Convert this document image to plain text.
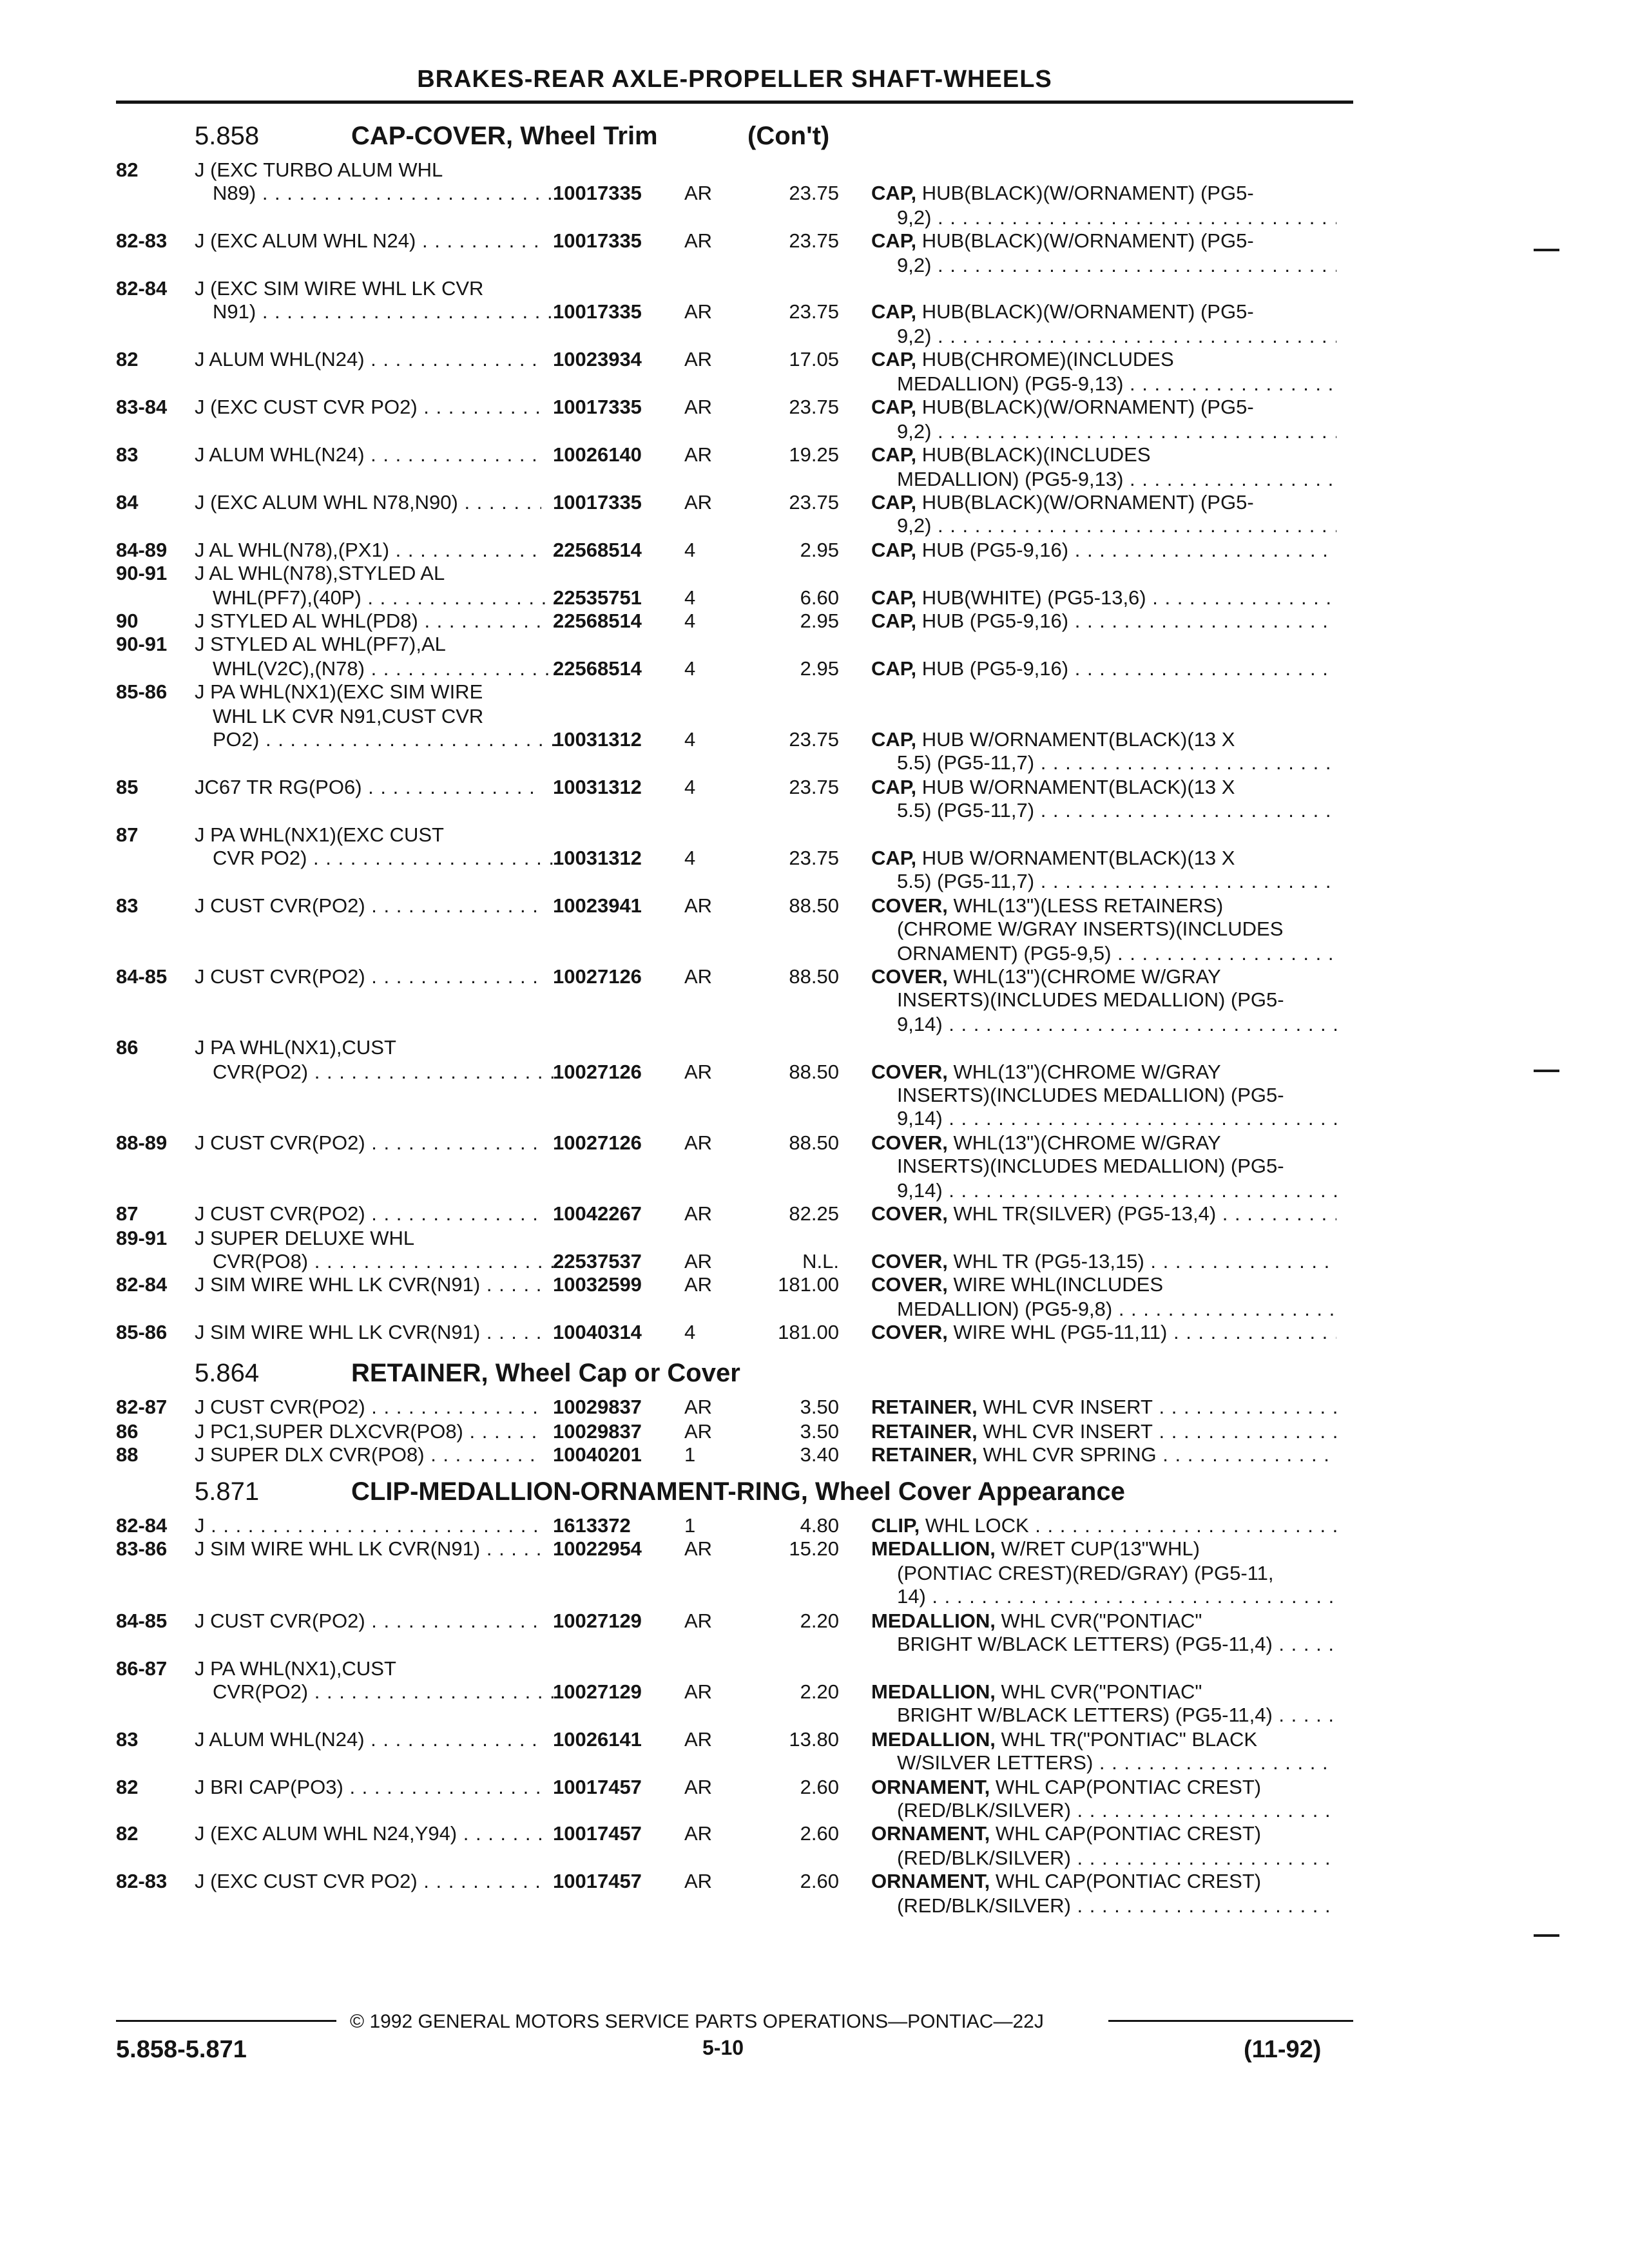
BRAKES-REAR AXLE-PROPELLER SHAFT-WHEELS
5.858	CAP-COVER, Wheel Trim	(Con't)
5.864	RETAINER, Wheel Cap or Cover
5.871	CLIP-MEDALLION-ORNAMENT-RING, Wheel Cover Appearance
82	J (EXC TURBO ALUM WHL
N89) . . .	10017335 AR	23.75 CAP, HUB(BLACK)(W/ORNAMENT) (PG5-
9,2) . . .
82-83 J (EXC ALUM WHL N24) . . .	10017335 AR	23.75 CAP, HUB(BLACK)(W/ORNAMENT) (PG5-
9,2) . . .
82-84 J (EXC SIM WIRE WHL LK CVR
N91) . . .	10017335 AR	23.75 CAP, HUB(BLACK)(W/ORNAMENT) (PG5-
9,2) . . .
82	J ALUM WHL(N24) . . .	10023934 AR	17.05 CAP, HUB(CHROME)(INCLUDES
MEDALLION) (PG5-9,13) . . .
83-84 J (EXC CUST CVR PO2) . . .	10017335 AR	23.75 CAP, HUB(BLACK)(W/ORNAMENT) (PG5-
9,2) . . .
83	J ALUM WHL(N24) . . .	10026140 AR	19.25 CAP, HUB(BLACK)(INCLUDES
MEDALLION) (PG5-9,13) . . .
84	J (EXC ALUM WHL N78,N90) . . .	10017335 AR	23.75 CAP, HUB(BLACK)(W/ORNAMENT) (PG5-
9,2) . . .
84-89 J AL WHL(N78),(PX1) . . .	22568514 4	2.95 CAP, HUB (PG5-9,16) . . .
90-91 J AL WHL(N78),STYLED AL
WHL(PF7),(40P) . . .	22535751 4	6.60 CAP, HUB(WHITE) (PG5-13,6) . . .
90	J STYLED AL WHL(PD8) . . .	22568514 4	2.95 CAP, HUB (PG5-9,16) . . .
90-91 J STYLED AL WHL(PF7),AL
WHL(V2C),(N78) . . .	22568514 4	2.95 CAP, HUB (PG5-9,16) . . .
85-86 J PA WHL(NX1)(EXC SIM WIRE
WHL LK CVR N91,CUST CVR
PO2) . . .	10031312 4	23.75 CAP, HUB W/ORNAMENT(BLACK)(13 X
5.5) (PG5-11,7) . . .
85	JC67 TR RG(PO6) . . .	10031312 4	23.75 CAP, HUB W/ORNAMENT(BLACK)(13 X
5.5) (PG5-11,7) . . .
87	J PA WHL(NX1)(EXC CUST
CVR PO2) . . .	10031312 4	23.75 CAP, HUB W/ORNAMENT(BLACK)(13 X
5.5) (PG5-11,7) . . .
83	J CUST CVR(PO2) . . .	10023941 AR	88.50 COVER, WHL(13")(LESS RETAINERS)
(CHROME W/GRAY INSERTS)(INCLUDES
ORNAMENT) (PG5-9,5) . . .
84-85 J CUST CVR(PO2) . . .	10027126 AR	88.50 COVER, WHL(13")(CHROME W/GRAY
INSERTS)(INCLUDES MEDALLION) (PG5-
9,14) . . .
86	J PA WHL(NX1),CUST
CVR(PO2) . . .	10027126 AR	88.50 COVER, WHL(13")(CHROME W/GRAY
INSERTS)(INCLUDES MEDALLION) (PG5-
9,14) . . .
88-89 J CUST CVR(PO2) . . .	10027126 AR	88.50 COVER, WHL(13")(CHROME W/GRAY
INSERTS)(INCLUDES MEDALLION) (PG5-
9,14) . . .
87	J CUST CVR(PO2) . . .	10042267 AR	82.25 COVER, WHL TR(SILVER) (PG5-13,4) . . .
89-91 J SUPER DELUXE WHL
CVR(PO8) . . .	22537537 AR	N.L. COVER, WHL TR (PG5-13,15) . . .
82-84 J SIM WIRE WHL LK CVR(N91) . . .	10032599 AR	181.00 COVER, WIRE WHL(INCLUDES
MEDALLION) (PG5-9,8) . . .
85-86 J SIM WIRE WHL LK CVR(N91) . . .	10040314 4	181.00 COVER, WIRE WHL (PG5-11,11) . . .
82-87 J CUST CVR(PO2) . . .	10029837 AR	3.50 RETAINER, WHL CVR INSERT . . .
86	J PC1,SUPER DLXCVR(PO8) . . .	10029837 AR	3.50 RETAINER, WHL CVR INSERT . . .
88	J SUPER DLX CVR(PO8) . . .	10040201 1	3.40 RETAINER, WHL CVR SPRING . . .
82-84 J . . .	1613372	1	4.80 CLIP, WHL LOCK . . .
83-86 J SIM WIRE WHL LK CVR(N91) . . .	10022954 AR	15.20 MEDALLION, W/RET CUP(13"WHL)
(PONTIAC CREST)(RED/GRAY) (PG5-11,
14) . . .
84-85 J CUST CVR(PO2) . . .	10027129 AR	2.20 MEDALLION, WHL CVR("PONTIAC"
BRIGHT W/BLACK LETTERS) (PG5-11,4) . . .
86-87 J PA WHL(NX1),CUST
CVR(PO2) . . .	10027129 AR	2.20 MEDALLION, WHL CVR("PONTIAC"
BRIGHT W/BLACK LETTERS) (PG5-11,4) . . .
83	J ALUM WHL(N24) . . .	10026141 AR	13.80 MEDALLION, WHL TR("PONTIAC" BLACK
W/SILVER LETTERS) . . .
82	J BRI CAP(PO3) . . .	10017457 AR	2.60 ORNAMENT, WHL CAP(PONTIAC CREST)
(RED/BLK/SILVER) . . .
82	J (EXC ALUM WHL N24,Y94) . . .	10017457 AR	2.60 ORNAMENT, WHL CAP(PONTIAC CREST)
(RED/BLK/SILVER) . . .
82-83 J (EXC CUST CVR PO2) . . .	10017457 AR	2.60 ORNAMENT, WHL CAP(PONTIAC CREST)
(RED/BLK/SILVER) . . .
© 1992 GENERAL MOTORS SERVICE PARTS OPERATIONS—PONTIAC—22J
5.858-5.871	5-10	(11-92)
